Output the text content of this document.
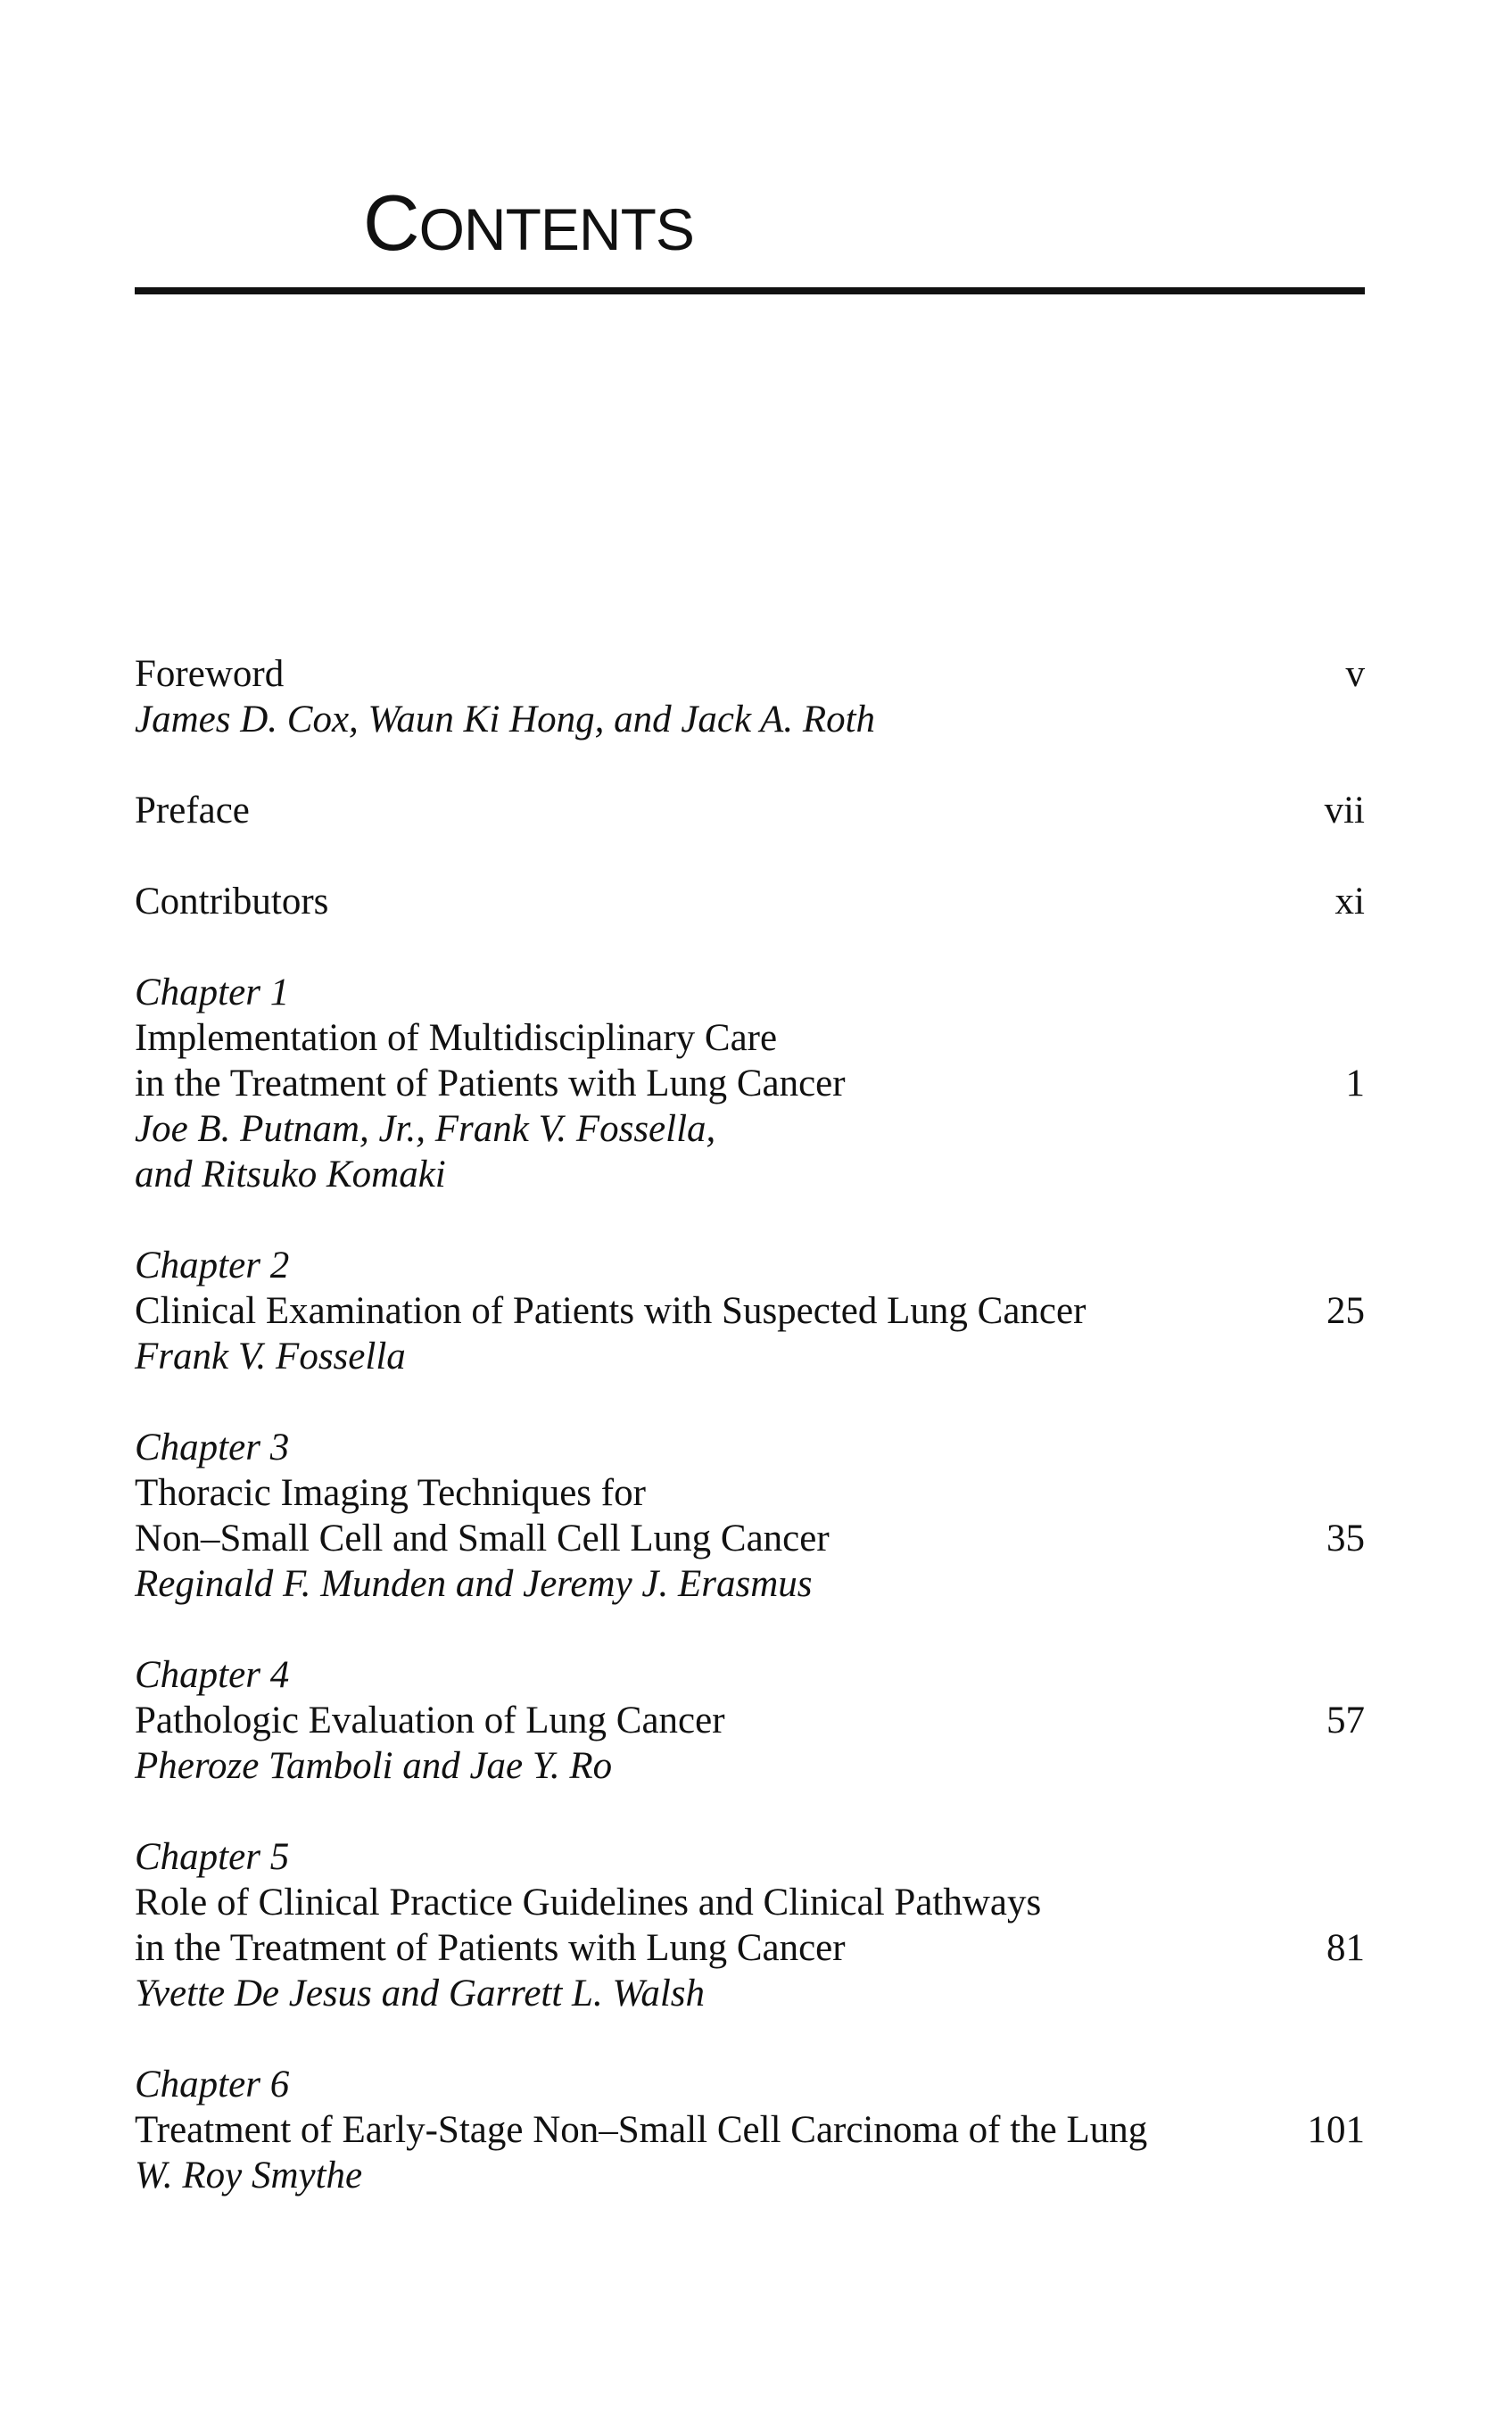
CONTENTS
Foreword	v
James D. Cox, Waun Ki Hong, and Jack A. Roth
Preface	vii
Contributors	xi
Chapter 1
Implementation of Multidisciplinary Care
in the Treatment of Patients with Lung Cancer	1
Joe B. Putnam, Jr., Frank V. Fossella,
and Ritsuko Komaki
Chapter 2
Clinical Examination of Patients with Suspected Lung Cancer	25
Frank V. Fossella
Chapter 3
Thoracic Imaging Techniques for
Non–Small Cell and Small Cell Lung Cancer	35
Reginald F. Munden and Jeremy J. Erasmus
Chapter 4
Pathologic Evaluation of Lung Cancer	57
Pheroze Tamboli and Jae Y. Ro
Chapter 5
Role of Clinical Practice Guidelines and Clinical Pathways
in the Treatment of Patients with Lung Cancer	81
Yvette De Jesus and Garrett L. Walsh
Chapter 6
Treatment of Early-Stage Non–Small Cell Carcinoma of the Lung	101
W. Roy Smythe
